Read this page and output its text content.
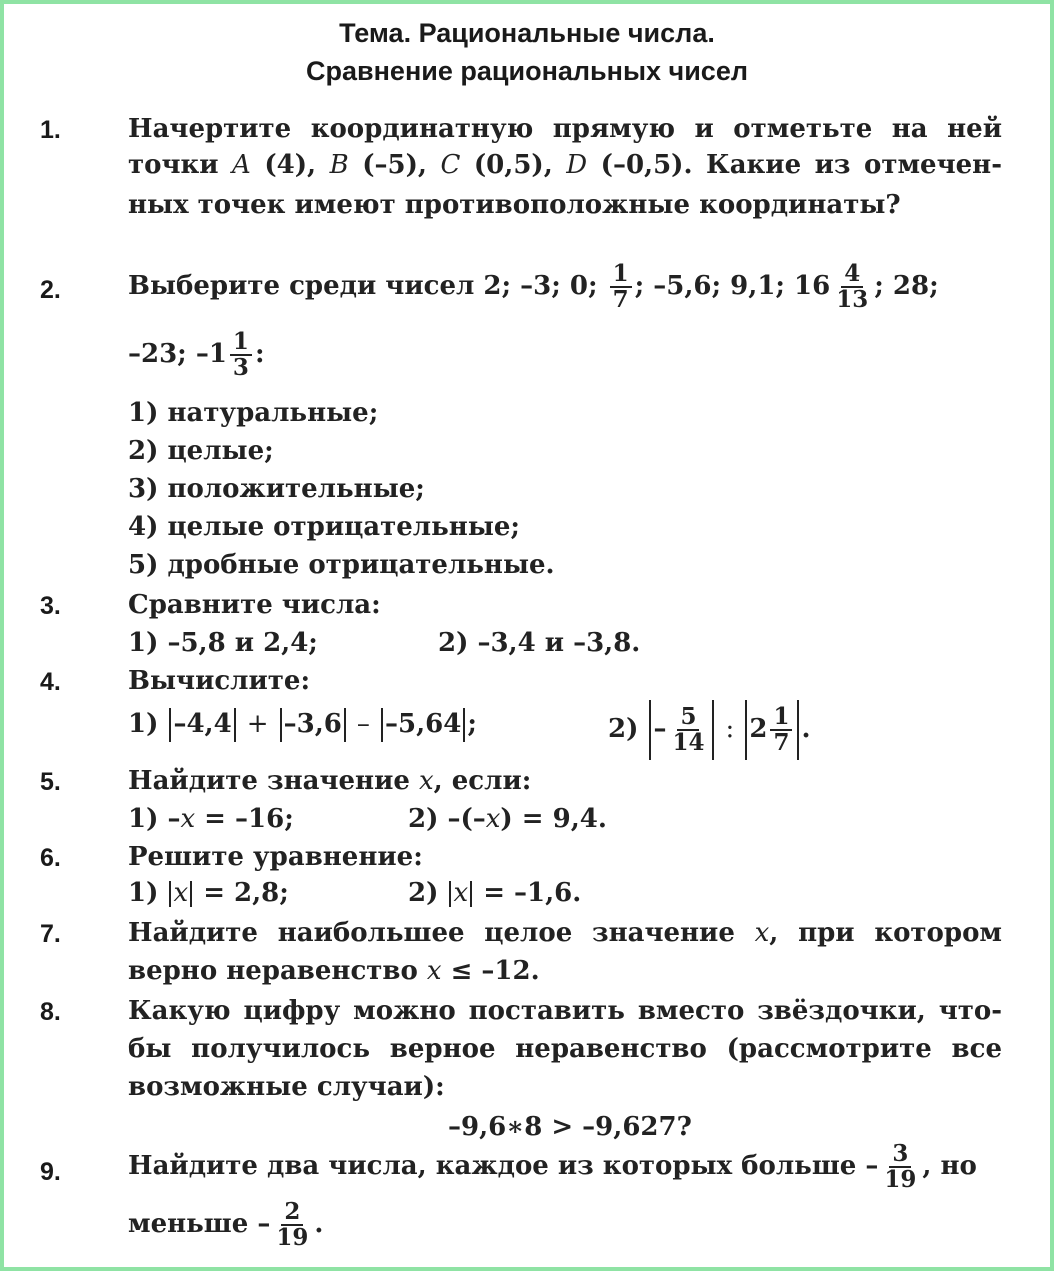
Тема. Рациональные числа.
Сравнение рациональных чисел
1.	Начертите координатную прямую и отметьте на ней
точки A (4), B (–5), C (0,5), D (–0,5). Какие из отмечен-
ных точек имеют противоположные координаты?
2.	Выберите среди чисел 2; –3; 0; $\frac{1}{7}$ ; –5,6; 9,1; $16 \frac{4}{13}$ ; 28;
–23; $-1 \frac{1}{3}$ :
1) натуральные;
2) целые;
3) положительные;
4) целые отрицательные;
5) дробные отрицательные.
3.	Сравните числа:
1) –5,8 и 2,4;	2) –3,4 и –3,8.
4.	Вычислите:
1) –4,4 + –3,6 – –5,64 ;	$2) - \frac{5}{14}$ : $2 \frac{1}{7}$ .
5.	Найдите значение x, если:
1) –x = –16;	2) –(–x) = 9,4.
6.	Решите уравнение:
1) x = 2,8;	2) x = –1,6.
7.	Найдите наибольшее целое значение x, при котором
верно неравенство x ≤ –12.
8.	Какую цифру можно поставить вместо звёздочки, что-
бы получилось верное неравенство (рассмотрите все
возможные случаи):
–9,6∗8 > –9,627?
9.	Найдите два числа, каждое из которых больше – $\frac{3}{19}$ , но
меньше – $\frac{2}{19}$ .
